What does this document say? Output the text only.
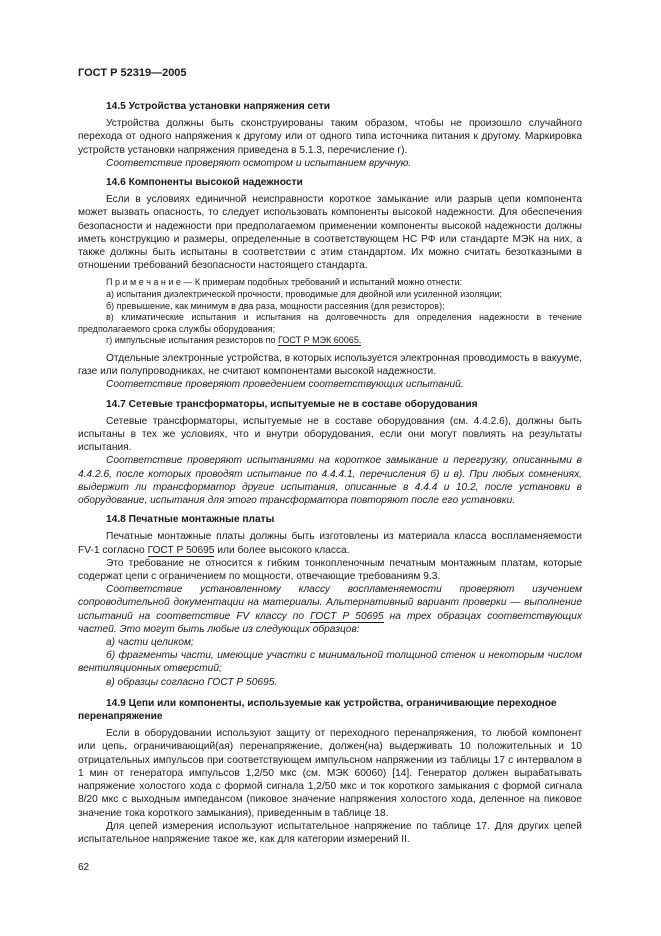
ГОСТ Р 52319—2005
14.5 Устройства установки напряжения сети

Устройства должны быть сконструированы таким образом, чтобы не произошло случайного перехода от одного напряжения к другому или от одного типа источника питания к другому. Маркировка устройств установки напряжения приведена в 5.1.3, перечисление г).

Соответствие проверяют осмотром и испытанием вручную.

14.6 Компоненты высокой надежности

Если в условиях единичной неисправности короткое замыкание или разрыв цепи компонента может вызвать опасность, то следует использовать компоненты высокой надежности. Для обеспечения безопасности и надежности при предполагаемом применении компоненты высокой надежности должны иметь конструкцию и размеры, определенные в соответствующем НС РФ или стандарте МЭК на них, а также должны быть испытаны в соответствии с этим стандартом. Их можно считать безотказными в отношении требований безопасности настоящего стандарта.

П р и м е ч а н и е — К примерам подобных требований и испытаний можно отнести:

а) испытания диэлектрической прочности, проводимые для двойной или усиленной изоляции;

б) превышение, как минимум в два раза, мощности рассеяния (для резисторов);

в) климатические испытания и испытания на долговечность для определения надежности в течение предполагаемого срока службы оборудования;

г) импульсные испытания резисторов по ГОСТ Р МЭК 60065.

Отдельные электронные устройства, в которых используется электронная проводимость в вакууме, газе или полупроводниках, не считают компонентами высокой надежности.

Соответствие проверяют проведением соответствующих испытаний.

14.7 Сетевые трансформаторы, испытуемые не в составе оборудования

Сетевые трансформаторы, испытуемые не в составе оборудования (см. 4.4.2.6), должны быть испытаны в тех же условиях, что и внутри оборудования, если они могут повлиять на результаты испытания.

Соответствие проверяют испытаниями на короткое замыкание и перегрузку, описанными в 4.4.2.6, после которых проводят испытание по 4.4.4.1, перечисления б) и в). При любых сомнениях, выдержит ли трансформатор другие испытания, описанные в 4.4.4 и 10.2, после установки в оборудование, испытания для этого трансформатора повторяют после его установки.

14.8 Печатные монтажные платы

Печатные монтажные платы должны быть изготовлены из материала класса воспламеняемости FV-1 согласно ГОСТ Р 50695 или более высокого класса.

Это требование не относится к гибким тонкопленочным печатным монтажным платам, которые содержат цепи с ограничением по мощности, отвечающие требованиям 9.3.

Соответствие установленному классу воспламеняемости проверяют изучением сопроводительной документации на материалы. Альтернативный вариант проверки — выполнение испытаний на соответствие FV классу по ГОСТ Р 50695 на трех образцах соответствующих частей. Это могут быть любые из следующих образцов:

а) части целиком;

б) фрагменты части, имеющие участки с минимальной толщиной стенок и некоторым числом вентиляционных отверстий;

в) образцы согласно ГОСТ Р 50695.

14.9 Цепи или компоненты, используемые как устройства, ограничивающие переходное перенапряжение

Если в оборудовании используют защиту от переходного перенапряжения, то любой компонент или цепь, ограничивающий(ая) перенапряжение, должен(на) выдерживать 10 положительных и 10 отрицательных импульсов при соответствующем импульсном напряжении из таблицы 17 с интервалом в 1 мин от генератора импульсов 1,2/50 мкс (см. МЭК 60060) [14]. Генератор должен вырабатывать напряжение холостого хода с формой сигнала 1,2/50 мкс и ток короткого замыкания с формой сигнала 8/20 мкс с выходным импедансом (пиковое значение напряжения холостого хода, деленное на пиковое значение тока короткого замыкания), приведенным в таблице 18.

Для цепей измерения используют испытательное напряжение по таблице 17. Для других цепей испытательное напряжение такое же, как для категории измерений II.

62
